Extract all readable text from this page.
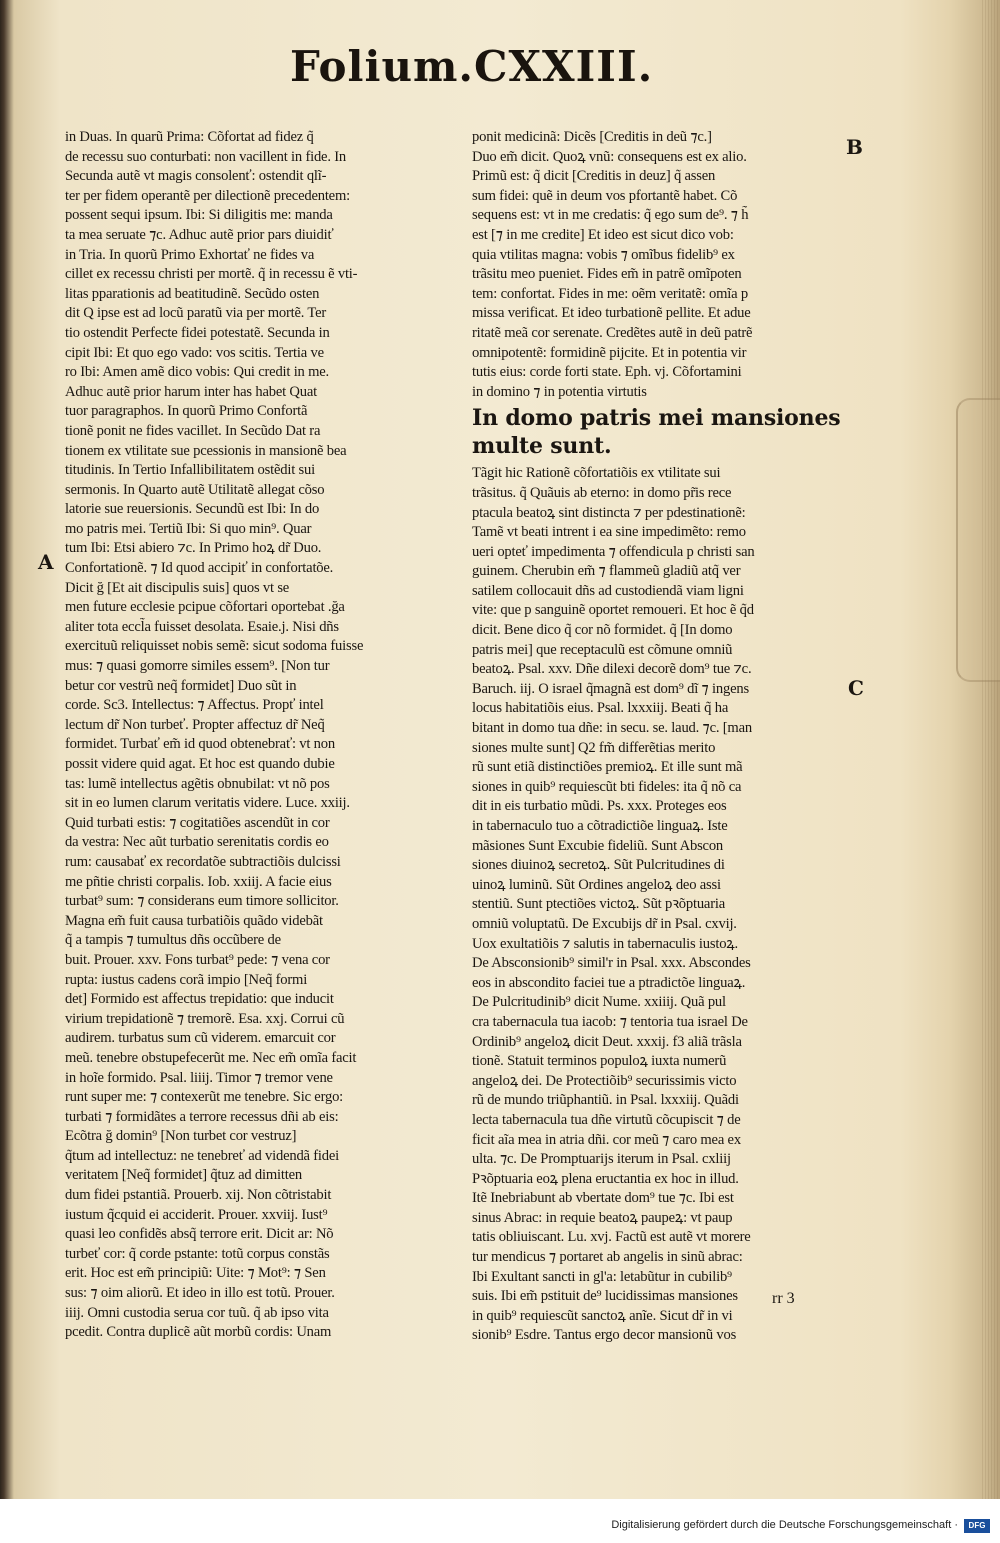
Folium.CXXIII.
in Duas. In quarũ Prima: Cõfortat ad fidez q̃
de recessu suo conturbati: non vacillent in fide. In
Secunda autẽ vt magis consolenť: ostendit qlĩ-
ter per fidem operantẽ per dilectionẽ precedentem:
possent sequi ipsum. Ibi: Si diligitis me: manda
ta mea seruate ⁊c. Adhuc autẽ prior pars diuidiť
in Tria. In quorũ Primo Exhortať ne fides va
cillet ex recessu christi per mortẽ. q̃ in recessu ẽ vti-
litas pparationis ad beatitudinẽ. Secũdo osten
dit Q ipse est ad locũ paratũ via per mortẽ. Ter
tio ostendit Perfecte fidei potestatẽ. Secunda in
cipit Ibi: Et quo ego vado: vos scitis. Tertia ve
ro Ibi: Amen amẽ dico vobis: Qui credit in me.
Adhuc autẽ prior harum inter has habet Quat
tuor paragraphos. In quorũ Primo Confortã
tionẽ ponit ne fides vacillet. In Secũdo Dat ra
tionem ex vtilitate sue pcessionis in mansionẽ bea
titudinis. In Tertio Infallibilitatem ostẽdit sui
sermonis. In Quarto autẽ Utilitatẽ allegat cõso
latorie sue reuersionis. Secundũ est Ibi: In do
mo patris mei. Tertiũ Ibi: Si quo min⁹. Quar
tum Ibi: Etsi abiero ⁊c. In Primo hoꝝ dr̃ Duo.
Confortationẽ. ⁊ Id quod accipiť in confortatõe.
Dicit ğ [Et ait discipulis suis] quos vt se
men future ecclesie pcipue cõfortari oportebat .ğa
aliter tota eccl̃a fuisset desolata. Esaie.j. Nisi dñs
exercituũ reliquisset nobis semẽ: sicut sodoma fuisse
mus: ⁊ quasi gomorre similes essem⁹. [Non tur
betur cor vestrũ neq̃ formidet] Duo sũt in
corde. Sc3. Intellectus: ⁊ Affectus. Propť intel
lectum dr̃ Non turbeť. Propter affectuz dr̃ Neq̃
formidet. Turbať em̃ id quod obtenebrať: vt non
possit videre quid agat. Et hoc est quando dubie
tas: lumẽ intellectus agẽtis obnubilat: vt nõ pos
sit in eo lumen clarum veritatis videre. Luce. xxiij.
Quid turbati estis: ⁊ cogitatiões ascendũt in cor
da vestra: Nec aũt turbatio serenitatis cordis eo
rum: causabať ex recordatõe subtractiõis dulcissi
me pñtie christi corpalis. Iob. xxiij. A facie eius
turbat⁹ sum: ⁊ considerans eum timore sollicitor.
Magna em̃ fuit causa turbatiõis quãdo videbãt
q̃ a tampis ⁊ tumultus dñs occũbere de
buit. Prouer. xxv. Fons turbat⁹ pede: ⁊ vena cor
rupta: iustus cadens corã impio [Neq̃ formi
det] Formido est affectus trepidatio: que inducit
virium trepidationẽ ⁊ tremorẽ. Esa. xxj. Corrui cũ
audirem. turbatus sum cũ viderem. emarcuit cor
meũ. tenebre obstupefecerũt me. Nec em̃ omĩa facit
in hoĩe formido. Psal. liiij. Timor ⁊ tremor vene
runt super me: ⁊ contexerũt me tenebre. Sic ergo:
turbati ⁊ formidãtes a terrore recessus dñi ab eis:
Ecõtra ğ domin⁹ [Non turbet cor vestruz]
q̃tum ad intellectuz: ne tenebreť ad videndã fidei
veritatem [Neq̃ formidet] q̃tuz ad dimitten
dum fidei pstantiã. Prouerb. xij. Non cõtristabit
iustum q̃cquid ei acciderit. Prouer. xxviij. Iust⁹
quasi leo confidẽs absq̃ terrore erit. Dicit ar: Nõ
turbeť cor: q̃ corde pstante: totũ corpus constãs
erit. Hoc est em̃ principiũ: Uite: ⁊ Mot⁹: ⁊ Sen
sus: ⁊ oim aliorũ. Et ideo in illo est totũ. Prouer.
iiij. Omni custodia serua cor tuũ. q̃ ab ipso vita
pcedit. Contra duplicẽ aũt morbũ cordis: Unam
ponit medicinã: Dicẽs [Creditis in deũ ⁊c.]
Duo em̃ dicit. Quoꝝ vnũ: consequens est ex alio.
Primũ est: q̃ dicit [Creditis in deuz] q̃ assen
sum fidei: quẽ in deum vos pfortantẽ habet. Cõ
sequens est: vt in me credatis: q̃ ego sum de⁹. ⁊ h̃
est [⁊ in me credite] Et ideo est sicut dico vob:
quia vtilitas magna: vobis ⁊ omĩbus fidelib⁹ ex
trãsitu meo pueniet. Fides em̃ in patrẽ omĩpoten
tem: confortat. Fides in me: oẽm veritatẽ: omĩa p
missa verificat. Et ideo turbationẽ pellite. Et adue
ritatẽ meã cor serenate. Credẽtes autẽ in deũ patrẽ
omnipotentẽ: formidinẽ pĳcite. Et in potentia vir
tutis eius: corde forti state. Eph. vj. Cõfortamini
in domino ⁊ in potentia virtutis
In domo patris mei mansiones
multe sunt.
Tãgit hic Rationẽ cõfortatiõis ex vtilitate sui
trãsitus. q̃ Quãuis ab eterno: in domo pr̃is rece
ptacula beatoꝝ sint distincta ⁊ per pdestinationẽ:
Tamẽ vt beati intrent i ea sine impedimẽto: remo
ueri opteť impedimenta ⁊ offendicula p christi san
guinem. Cherubin em̃ ⁊ flammeũ gladiũ atq̃ ver
satilem collocauit dñs ad custodiendã viam ligni
vite: que p sanguinẽ oportet remoueri. Et hoc ẽ q̃d
dicit. Bene dico q̃ cor nõ formidet. q̃ [In domo
patris mei] que receptaculũ est cõmune omniũ
beatoꝝ. Psal. xxv. Dñe dilexi decorẽ dom⁹ tue ⁊c.
Baruch. iij. O israel q̃magnã est dom⁹ dĩ ⁊ ingens
locus habitatiõis eius. Psal. lxxxiij. Beati q̃ ha
bitant in domo tua dñe: in secu. se. laud. ⁊c. [man
siones multe sunt] Q2 fm̃ differẽtias merito
rũ sunt etiã distinctiões premioꝝ. Et ille sunt mã
siones in quib⁹ requiescũt bti fideles: ita q̃ nõ ca
dit in eis turbatio mũdi. Ps. xxx. Proteges eos
in tabernaculo tuo a cõtradictiõe linguaꝝ. Iste
mãsiones Sunt Excubie fideliũ. Sunt Abscon
siones diuinoꝝ secretoꝝ. Sũt Pulcritudines di
uinoꝝ luminũ. Sũt Ordines angeloꝝ deo assi
stentiũ. Sunt ptectiões victoꝝ. Sũt pꝛõptuaria
omniũ voluptatũ. De Excubĳs dr̃ in Psal. cxvij.
Uox exultatiõis ⁊ salutis in tabernaculis iustoꝝ.
De Absconsionib⁹ simil'r in Psal. xxx. Abscondes
eos in abscondito faciei tue a ptradictõe linguaꝝ.
De Pulcritudinib⁹ dicit Nume. xxiiij. Quã pul
cra tabernacula tua iacob: ⁊ tentoria tua israel De
Ordinib⁹ angeloꝝ dicit Deut. xxxij. f3 aliã trãsla
tionẽ. Statuit terminos populoꝝ iuxta numerũ
angeloꝝ dei. De Protectiõib⁹ securissimis victo
rũ de mundo triũphantiũ. in Psal. lxxxiij. Quãdi
lecta tabernacula tua dñe virtutũ cõcupiscit ⁊ de
ficit aĩa mea in atria dñi. cor meũ ⁊ caro mea ex
ulta. ⁊c. De Promptuarĳs iterum in Psal. cxliij
Pꝛõptuaria eoꝝ plena eructantia ex hoc in illud.
Itẽ Inebriabunt ab vbertate dom⁹ tue ⁊c. Ibi est
sinus Abrac: in requie beatoꝝ paupeꝝ: vt paup
tatis obliuiscant. Lu. xvj. Factũ est autẽ vt morere
tur mendicus ⁊ portaret ab angelis in sinũ abrac:
Ibi Exultant sancti in gl'a: letabũtur in cubilib⁹
suis. Ibi em̃ pstituit de⁹ lucidissimas mansiones
in quib⁹ requiescũt sanctoꝝ anĩe. Sicut dr̃ in vi
sionib⁹ Esdre. Tantus ergo decor mansionũ vos
A
B
C
rr 3
Digitalisierung gefördert durch die Deutsche Forschungsgemeinschaft ·	DFG
